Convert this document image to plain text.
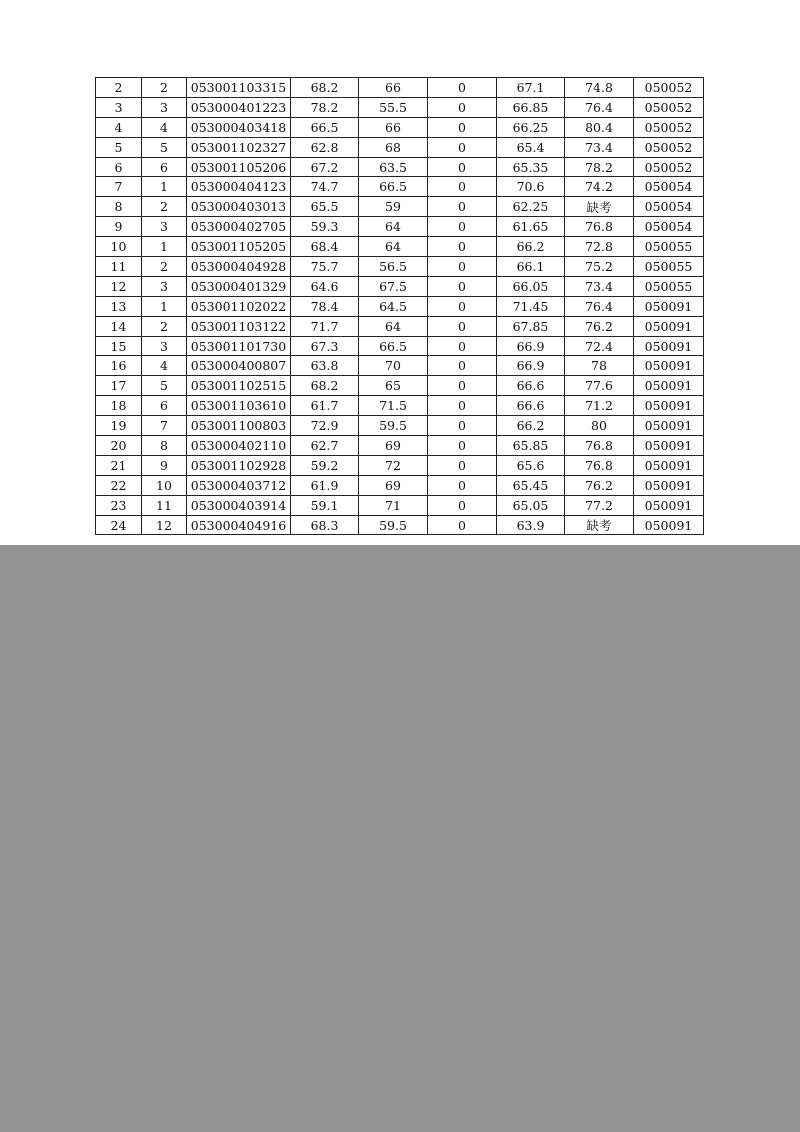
2	2	053001103315	68.2	66	0	67.1	74.8	050052
3	3	053000401223	78.2	55.5	0	66.85	76.4	050052
4	4	053000403418	66.5	66	0	66.25	80.4	050052
5	5	053001102327	62.8	68	0	65.4	73.4	050052
6	6	053001105206	67.2	63.5	0	65.35	78.2	050052
7	1	053000404123	74.7	66.5	0	70.6	74.2	050054
8	2	053000403013	65.5	59	0	62.25	缺考	050054
9	3	053000402705	59.3	64	0	61.65	76.8	050054
10	1	053001105205	68.4	64	0	66.2	72.8	050055
11	2	053000404928	75.7	56.5	0	66.1	75.2	050055
12	3	053000401329	64.6	67.5	0	66.05	73.4	050055
13	1	053001102022	78.4	64.5	0	71.45	76.4	050091
14	2	053001103122	71.7	64	0	67.85	76.2	050091
15	3	053001101730	67.3	66.5	0	66.9	72.4	050091
16	4	053000400807	63.8	70	0	66.9	78	050091
17	5	053001102515	68.2	65	0	66.6	77.6	050091
18	6	053001103610	61.7	71.5	0	66.6	71.2	050091
19	7	053001100803	72.9	59.5	0	66.2	80	050091
20	8	053000402110	62.7	69	0	65.85	76.8	050091
21	9	053001102928	59.2	72	0	65.6	76.8	050091
22	10	053000403712	61.9	69	0	65.45	76.2	050091
23	11	053000403914	59.1	71	0	65.05	77.2	050091
24	12	053000404916	68.3	59.5	0	63.9	缺考	050091
